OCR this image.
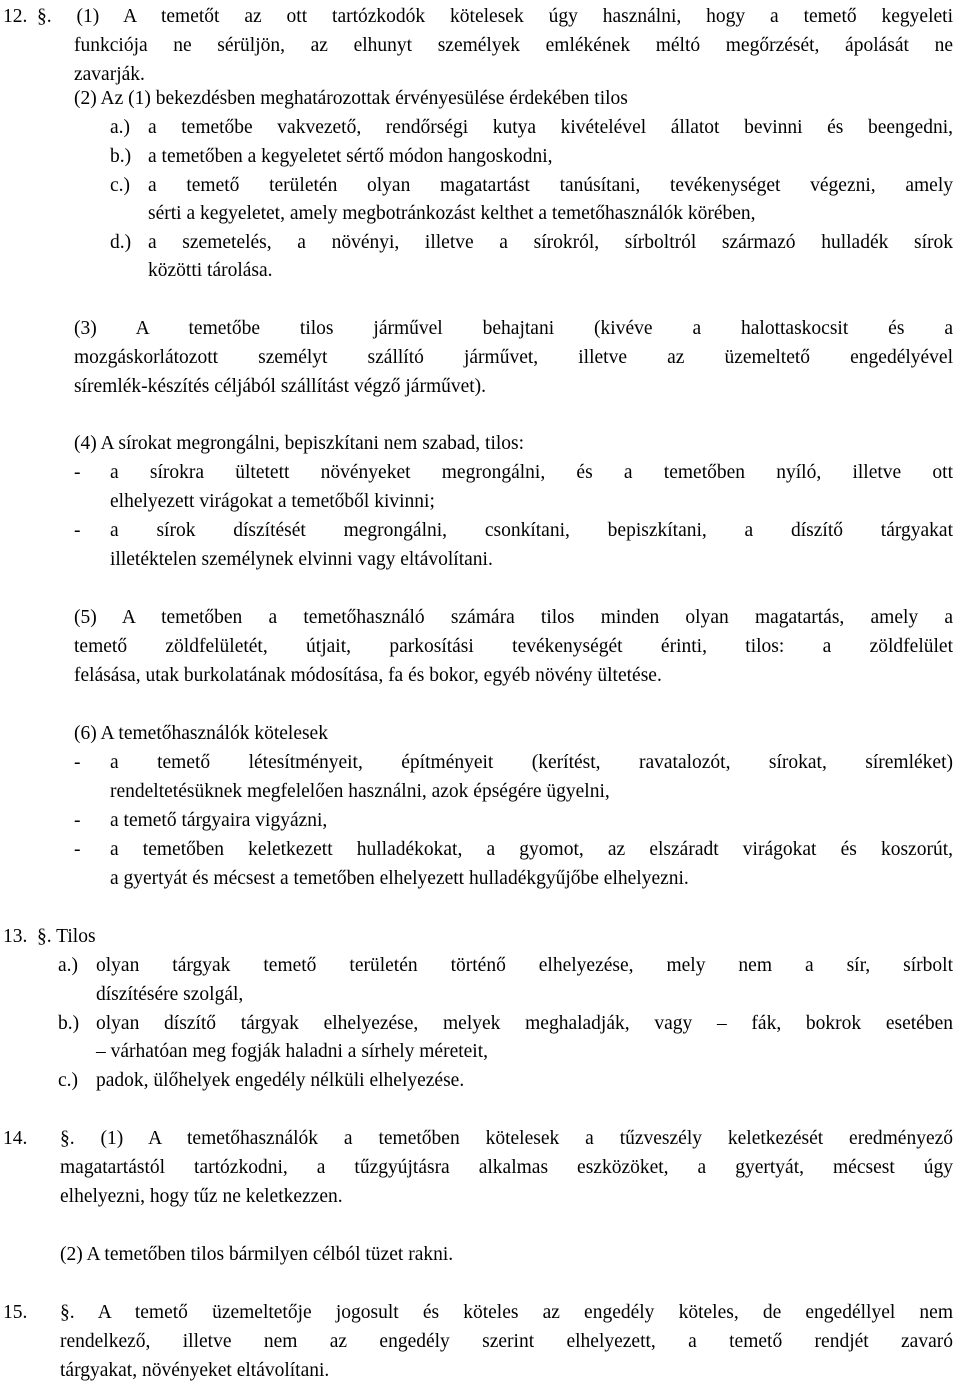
12. §. (1) A temetőt az ott tartózkodók kötelesek úgy használni, hogy a temető kegyeleti
funkciója ne sérüljön, az elhunyt személyek emlékének méltó megőrzését, ápolását ne
zavarják.
(2) Az (1) bekezdésben meghatározottak érvényesülése érdekében tilos
a.) a temetőbe vakvezető, rendőrségi kutya kivételével állatot bevinni és beengedni,
b.) a temetőben a kegyeletet sértő módon hangoskodni,
c.) a temető területén olyan magatartást tanúsítani, tevékenységet végezni, amely
sérti a kegyeletet, amely megbotránkozást kelthet a temetőhasználók körében,
d.) a szemetelés, a növényi, illetve a sírokról, sírboltról származó hulladék sírok
közötti tárolása.
(3) A temetőbe tilos járművel behajtani (kivéve a halottaskocsit és a
mozgáskorlátozott személyt szállító járművet, illetve az üzemeltető engedélyével
síremlék-készítés céljából szállítást végző járművet).
(4) A sírokat megrongálni, bepiszkítani nem szabad, tilos:
- a sírokra ültetett növényeket megrongálni, és a temetőben nyíló, illetve ott
elhelyezett virágokat a temetőből kivinni;
- a sírok díszítését megrongálni, csonkítani, bepiszkítani, a díszítő tárgyakat
illetéktelen személynek elvinni vagy eltávolítani.
(5) A temetőben a temetőhasználó számára tilos minden olyan magatartás, amely a
temető zöldfelületét, útjait, parkosítási tevékenységét érinti, tilos: a zöldfelület
felásása, utak burkolatának módosítása, fa és bokor, egyéb növény ültetése.
(6) A temetőhasználók kötelesek
- a temető létesítményeit, építményeit (kerítést, ravatalozót, sírokat, síremléket)
rendeltetésüknek megfelelően használni, azok épségére ügyelni,
- a temető tárgyaira vigyázni,
- a temetőben keletkezett hulladékokat, a gyomot, az elszáradt virágokat és koszorút,
a gyertyát és mécsest a temetőben elhelyezett hulladékgyűjőbe elhelyezni.
13. §. Tilos
a.) olyan tárgyak temető területén történő elhelyezése, mely nem a sír, sírbolt
díszítésére szolgál,
b.) olyan díszítő tárgyak elhelyezése, melyek meghaladják, vagy – fák, bokrok esetében
– várhatóan meg fogják haladni a sírhely méreteit,
c.) padok, ülőhelyek engedély nélküli elhelyezése.
14. §. (1) A temetőhasználók a temetőben kötelesek a tűzveszély keletkezését eredményező
magatartástól tartózkodni, a tűzgyújtásra alkalmas eszközöket, a gyertyát, mécsest úgy
elhelyezni, hogy tűz ne keletkezzen.
(2) A temetőben tilos bármilyen célból tüzet rakni.
15. §. A temető üzemeltetője jogosult és köteles az engedély köteles, de engedéllyel nem
rendelkező, illetve nem az engedély szerint elhelyezett, a temető rendjét zavaró
tárgyakat, növényeket eltávolítani.
